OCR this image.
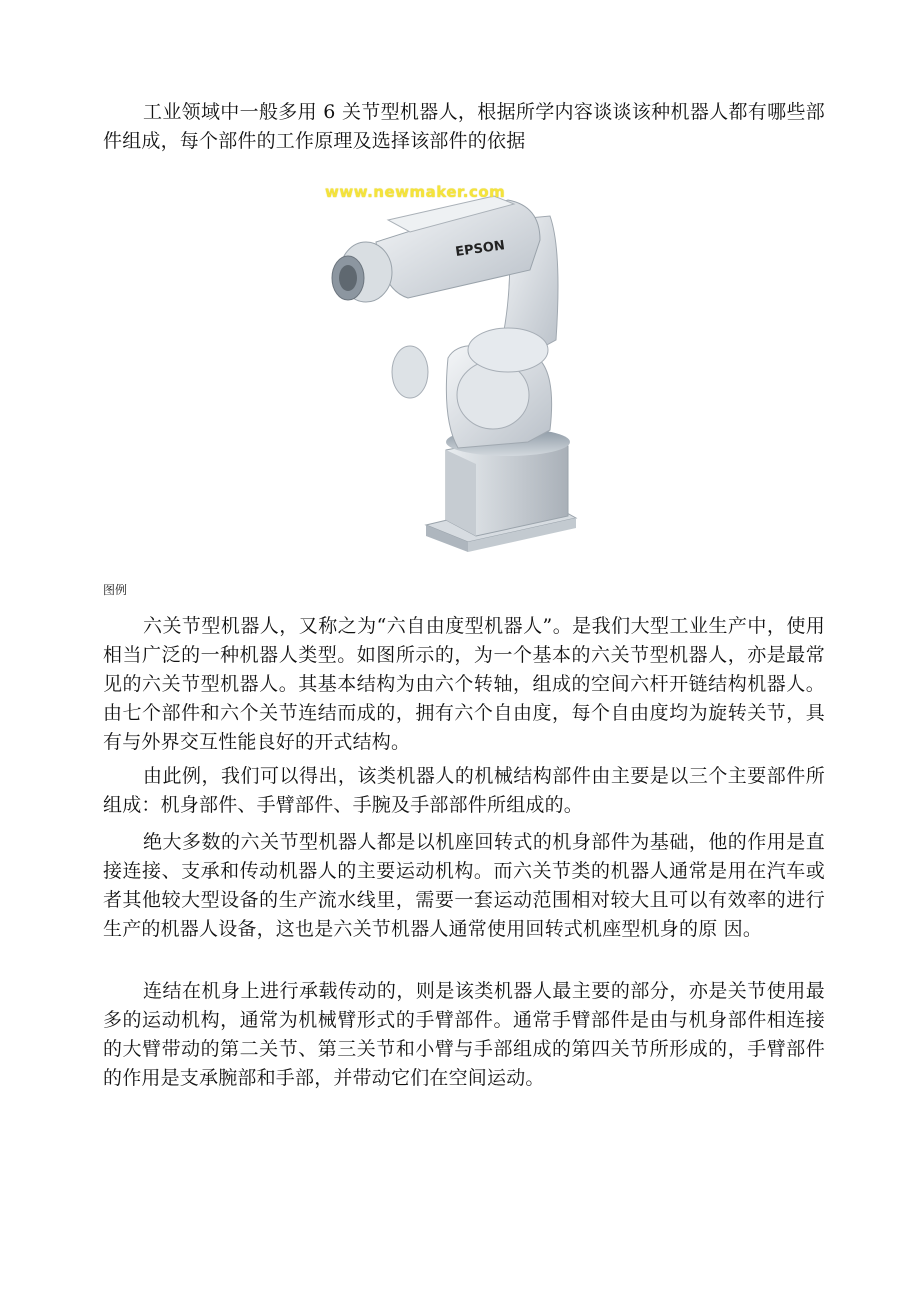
工业领域中一般多用 6 关节型机器人，根据所学内容谈谈该种机器人都有哪些部件组成，每个部件的工作原理及选择该部件的依据

EPSON
www.newmaker.com
图例

六关节型机器人，又称之为“六自由度型机器人”。是我们大型工业生产中，使用相当广泛的一种机器人类型。如图所示的，为一个基本的六关节型机器人，亦是最常见的六关节型机器人。其基本结构为由六个转轴，组成的空间六杆开链结构机器人。由七个部件和六个关节连结而成的，拥有六个自由度，每个自由度均为旋转关节，具有与外界交互性能良好的开式结构。

由此例，我们可以得出，该类机器人的机械结构部件由主要是以三个主要部件所组成：机身部件、手臂部件、手腕及手部部件所组成的。

绝大多数的六关节型机器人都是以机座回转式的机身部件为基础，他的作用是直接连接、支承和传动机器人的主要运动机构。而六关节类的机器人通常是用在汽车或者其他较大型设备的生产流水线里，需要一套运动范围相对较大且可以有效率的进行生产的机器人设备，这也是六关节机器人通常使用回转式机座型机身的原 因。

连结在机身上进行承载传动的，则是该类机器人最主要的部分，亦是关节使用最多的运动机构，通常为机械臂形式的手臂部件。通常手臂部件是由与机身部件相连接的大臂带动的第二关节、第三关节和小臂与手部组成的第四关节所形成的，手臂部件的作用是支承腕部和手部，并带动它们在空间运动。
